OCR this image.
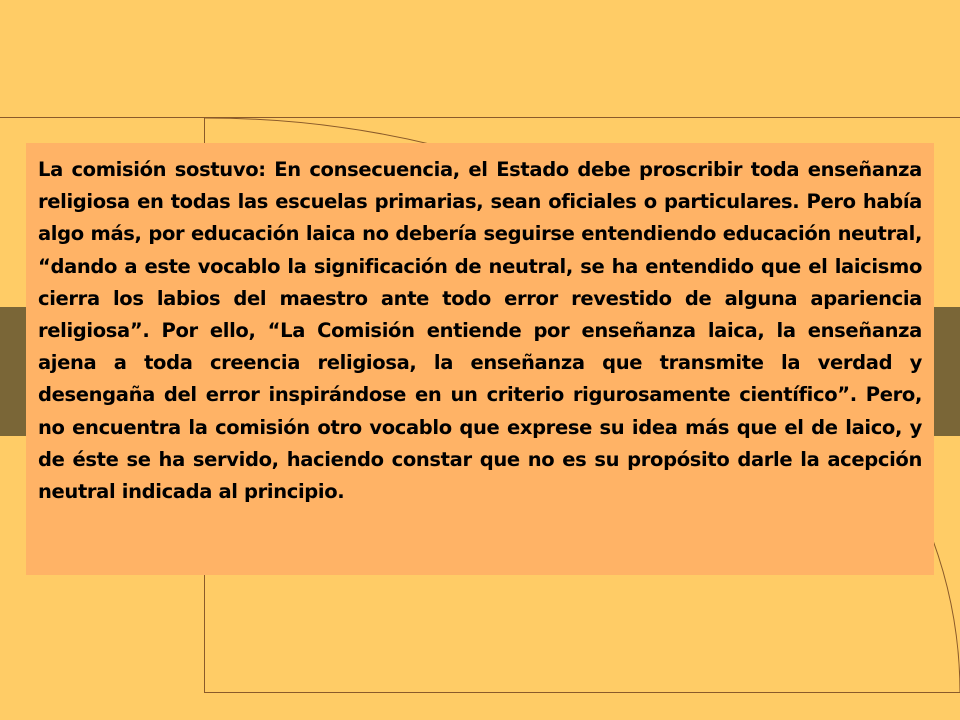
La comisión sostuvo: En consecuencia, el Estado debe proscribir toda enseñanza religiosa en todas las escuelas primarias, sean oficiales o particulares. Pero había algo más, por educación laica no debería seguirse entendiendo educación neutral, “dando a este vocablo la significación de neutral, se ha entendido que el laicismo cierra los labios del maestro ante todo error revestido de alguna apariencia religiosa”. Por ello, “La Comisión entiende por enseñanza laica, la enseñanza ajena a toda creencia religiosa, la enseñanza que transmite la verdad y desengaña del error inspirándose en un criterio rigurosamente científico”. Pero, no encuentra la comisión otro vocablo que exprese su idea más que el de laico, y de éste se ha servido, haciendo constar que no es su propósito darle la acepción neutral indicada al principio.
